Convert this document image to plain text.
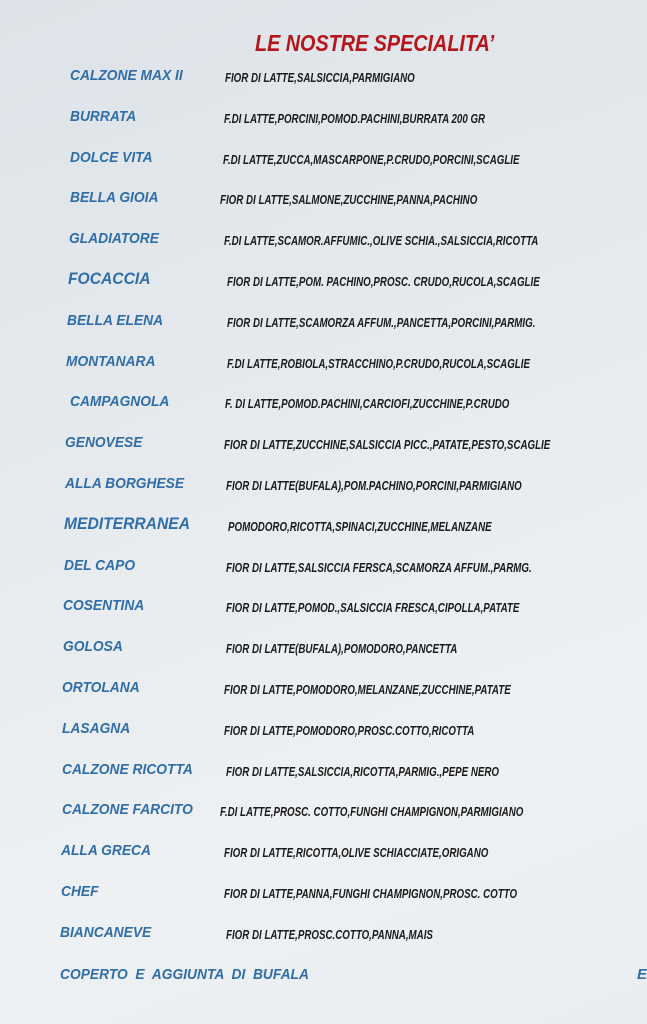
LE NOSTRE SPECIALITA’
CALZONE MAX II	FIOR DI LATTE,SALSICCIA,PARMIGIANO
BURRATA	F.DI LATTE,PORCINI,POMOD.PACHINI,BURRATA 200 GR
DOLCE VITA	F.DI LATTE,ZUCCA,MASCARPONE,P.CRUDO,PORCINI,SCAGLIE
BELLA GIOIA	FIOR DI LATTE,SALMONE,ZUCCHINE,PANNA,PACHINO
GLADIATORE	F.DI LATTE,SCAMOR.AFFUMIC.,OLIVE SCHIA.,SALSICCIA,RICOTTA
FOCACCIA	FIOR DI LATTE,POM. PACHINO,PROSC. CRUDO,RUCOLA,SCAGLIE
BELLA ELENA	FIOR DI LATTE,SCAMORZA AFFUM.,PANCETTA,PORCINI,PARMIG.
MONTANARA	F.DI LATTE,ROBIOLA,STRACCHINO,P.CRUDO,RUCOLA,SCAGLIE
CAMPAGNOLA	F. DI LATTE,POMOD.PACHINI,CARCIOFI,ZUCCHINE,P.CRUDO
GENOVESE	FIOR DI LATTE,ZUCCHINE,SALSICCIA PICC.,PATATE,PESTO,SCAGLIE
ALLA BORGHESE	FIOR DI LATTE(BUFALA),POM.PACHINO,PORCINI,PARMIGIANO
MEDITERRANEA	POMODORO,RICOTTA,SPINACI,ZUCCHINE,MELANZANE
DEL CAPO	FIOR DI LATTE,SALSICCIA FERSCA,SCAMORZA AFFUM.,PARMG.
COSENTINA	FIOR DI LATTE,POMOD.,SALSICCIA FRESCA,CIPOLLA,PATATE
GOLOSA	FIOR DI LATTE(BUFALA),POMODORO,PANCETTA
ORTOLANA	FIOR DI LATTE,POMODORO,MELANZANE,ZUCCHINE,PATATE
LASAGNA	FIOR DI LATTE,POMODORO,PROSC.COTTO,RICOTTA
CALZONE RICOTTA	FIOR DI LATTE,SALSICCIA,RICOTTA,PARMIG.,PEPE NERO
CALZONE FARCITO F.DI LATTE,PROSC. COTTO,FUNGHI CHAMPIGNON,PARMIGIANO
ALLA GRECA	FIOR DI LATTE,RICOTTA,OLIVE SCHIACCIATE,ORIGANO
CHEF	FIOR DI LATTE,PANNA,FUNGHI CHAMPIGNON,PROSC. COTTO
BIANCANEVE	FIOR DI LATTE,PROSC.COTTO,PANNA,MAIS
COPERTO  E  AGGIUNTA  DI  BUFALA	E
